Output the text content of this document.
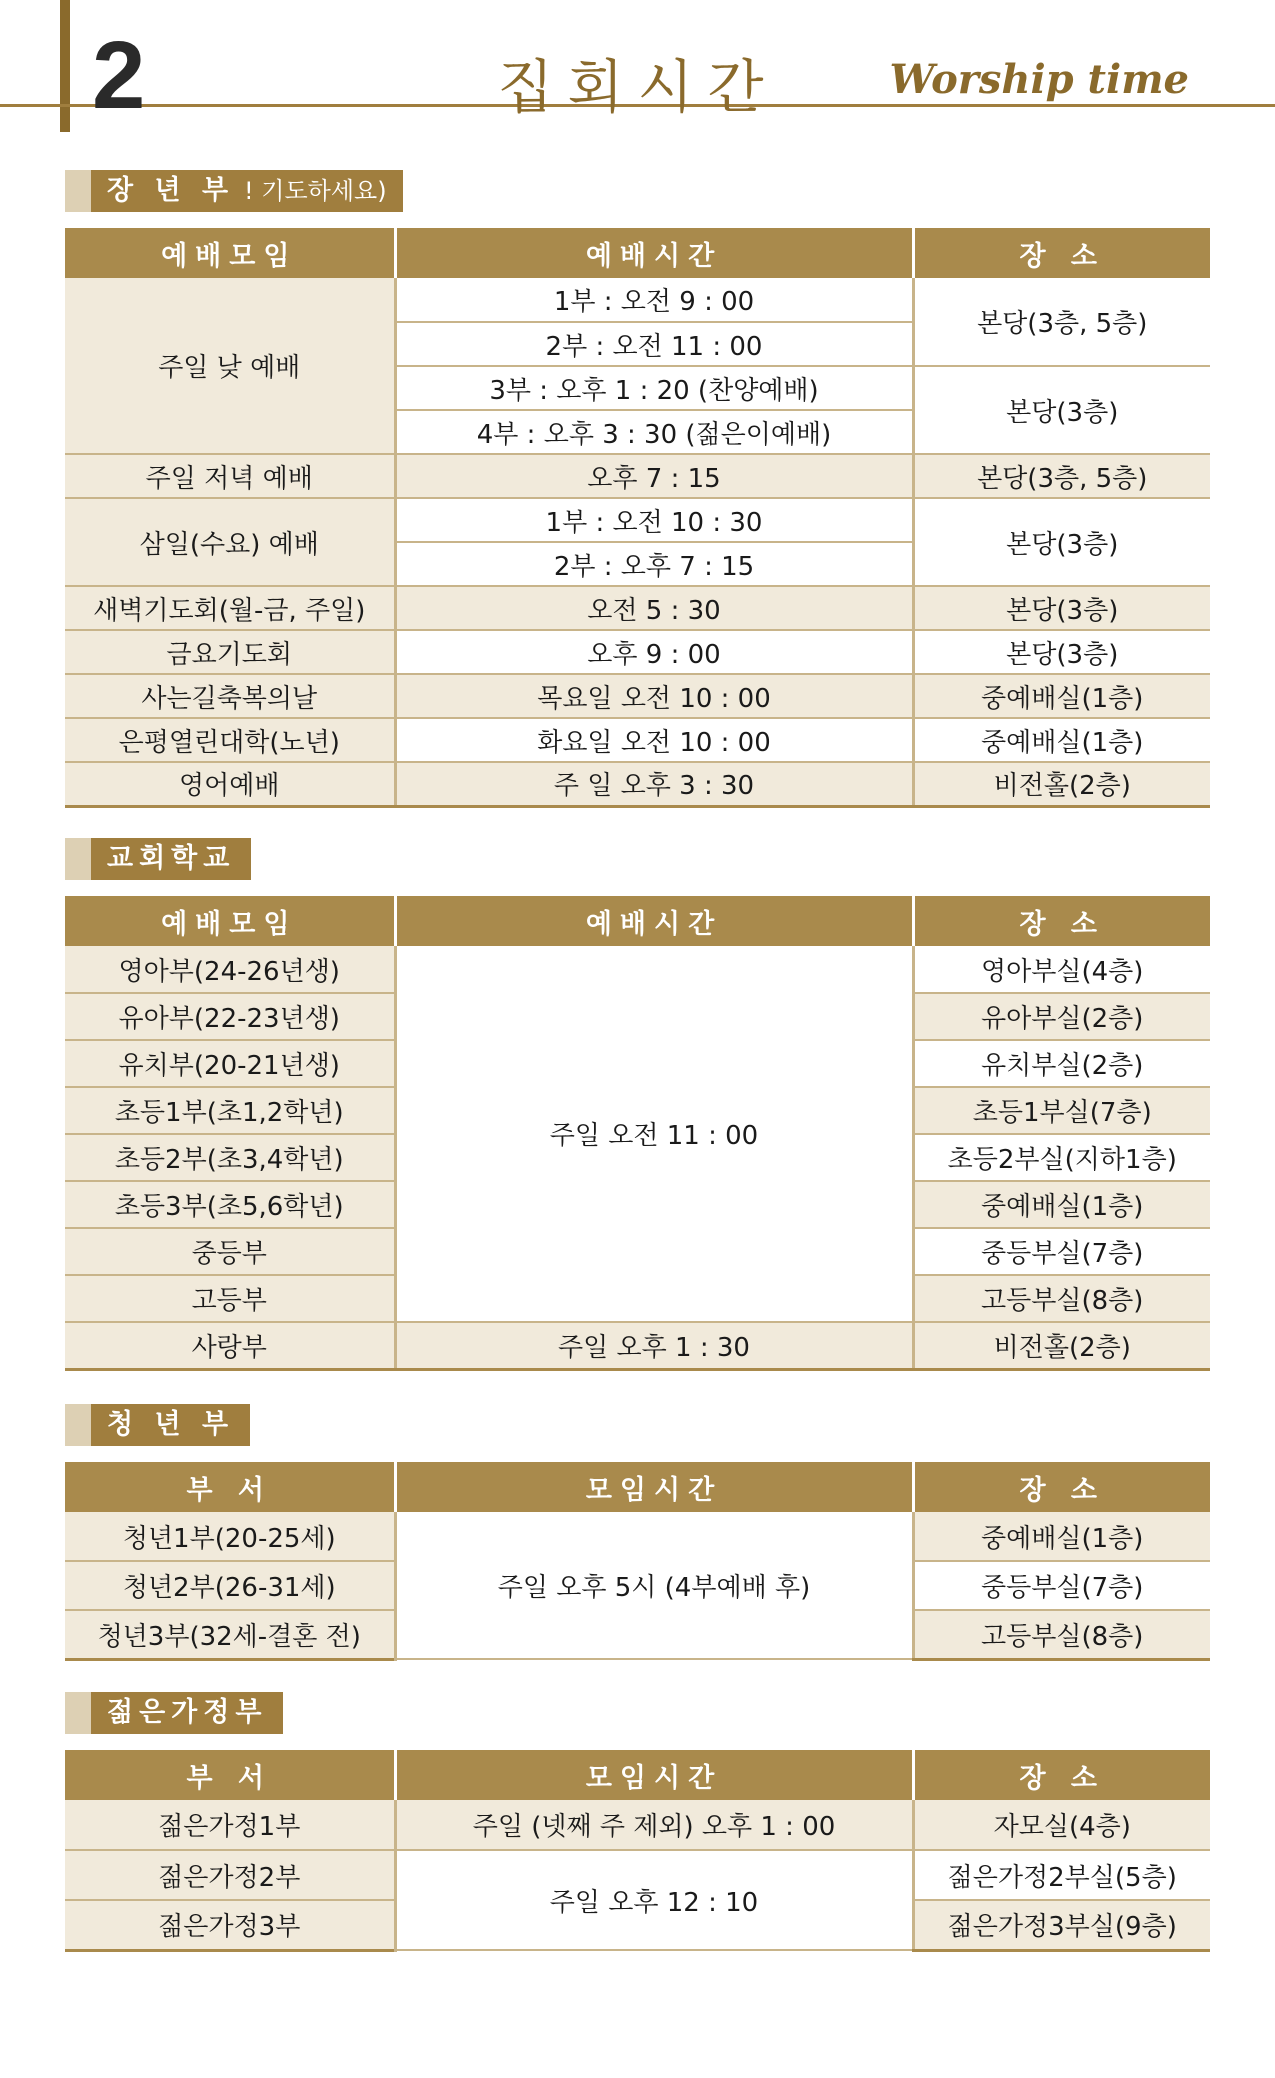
2	집회시간	Worship time
장 년 부 ! 기도하세요)
예배모임	예배시간	장 소
주일 낮 예배	1부 : 오전 9 : 00	본당(3층, 5층)
	2부 : 오전 11 : 00	
	3부 : 오후 1 : 20 (찬양예배)	본당(3층)
	4부 : 오후 3 : 30 (젊은이예배)	
주일 저녁 예배	오후 7 : 15	본당(3층, 5층)
삼일(수요) 예배	1부 : 오전 10 : 30	본당(3층)
	2부 : 오후 7 : 15	
새벽기도회(월-금, 주일)	오전 5 : 30	본당(3층)
금요기도회	오후 9 : 00	본당(3층)
사는길축복의날	목요일 오전 10 : 00	중예배실(1층)
은평열린대학(노년)	화요일 오전 10 : 00	중예배실(1층)
영어예배	주 일 오후 3 : 30	비전홀(2층)
교회학교
예배모임	예배시간	장 소
영아부(24-26년생)	주일 오전 11 : 00	영아부실(4층)
유아부(22-23년생)		유아부실(2층)
유치부(20-21년생)		유치부실(2층)
초등1부(초1,2학년)		초등1부실(7층)
초등2부(초3,4학년)		초등2부실(지하1층)
초등3부(초5,6학년)		중예배실(1층)
중등부		중등부실(7층)
고등부		고등부실(8층)
사랑부	주일 오후 1 : 30	비전홀(2층)
청 년 부
부 서	모임시간	장 소
청년1부(20-25세)	주일 오후 5시 (4부예배 후)	중예배실(1층)
청년2부(26-31세)		중등부실(7층)
청년3부(32세-결혼 전)		고등부실(8층)
젊은가정부
부 서	모임시간	장 소
젊은가정1부	주일 (넷째 주 제외) 오후 1 : 00	자모실(4층)
젊은가정2부	주일 오후 12 : 10	젊은가정2부실(5층)
젊은가정3부		젊은가정3부실(9층)
